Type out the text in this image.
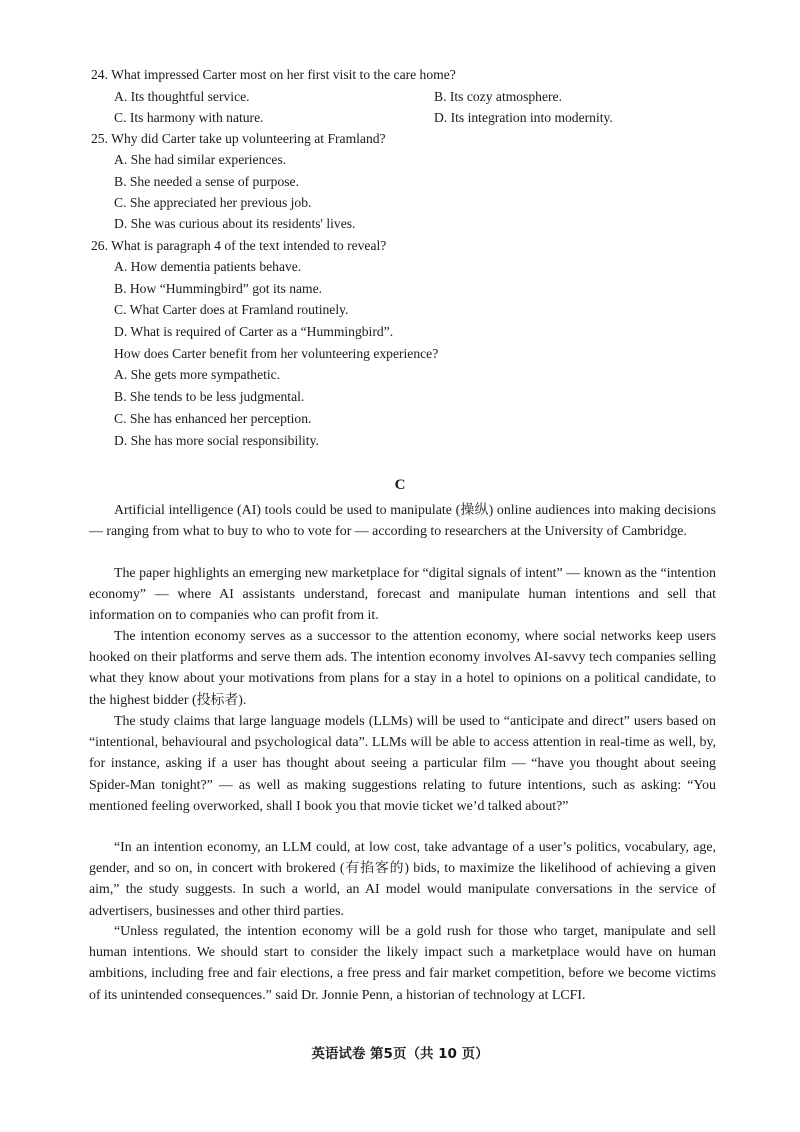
24. What impressed Carter most on her first visit to the care home?
A. Its thoughtful service.	B. Its cozy atmosphere.
C. Its harmony with nature.	D. Its integration into modernity.
25. Why did Carter take up volunteering at Framland?
A. She had similar experiences.
B. She needed a sense of purpose.
C. She appreciated her previous job.
D. She was curious about its residents' lives.
26. What is paragraph 4 of the text intended to reveal?
A. How dementia patients behave.
B. How “Hummingbird” got its name.
C. What Carter does at Framland routinely.
D. What is required of Carter as a “Hummingbird”.
How does Carter benefit from her volunteering experience?
A. She gets more sympathetic.
B. She tends to be less judgmental.
C. She has enhanced her perception.
D. She has more social responsibility.
C
Artificial intelligence (AI) tools could be used to manipulate (操纵) online audiences into making decisions — ranging from what to buy to who to vote for — according to researchers at the University of Cambridge.
The paper highlights an emerging new marketplace for “digital signals of intent” — known as the “intention economy” — where AI assistants understand, forecast and manipulate human intentions and sell that information on to companies who can profit from it.
The intention economy serves as a successor to the attention economy, where social networks keep users hooked on their platforms and serve them ads. The intention economy involves AI-savvy tech companies selling what they know about your motivations from plans for a stay in a hotel to opinions on a political candidate, to the highest bidder (投标者).
The study claims that large language models (LLMs) will be used to “anticipate and direct” users based on “intentional, behavioural and psychological data”. LLMs will be able to access attention in real-time as well, by, for instance, asking if a user has thought about seeing a particular film — “have you thought about seeing Spider-Man tonight?” — as well as making suggestions relating to future intentions, such as asking: “You mentioned feeling overworked, shall I book you that movie ticket we’d talked about?”
“In an intention economy, an LLM could, at low cost, take advantage of a user’s politics, vocabulary, age, gender, and so on, in concert with brokered (有掐客的) bids, to maximize the likelihood of achieving a given aim,” the study suggests. In such a world, an AI model would manipulate conversations in the service of advertisers, businesses and other third parties.
“Unless regulated, the intention economy will be a gold rush for those who target, manipulate and sell human intentions. We should start to consider the likely impact such a marketplace would have on human ambitions, including free and fair elections, a free press and fair market competition, before we become victims of its unintended consequences.” said Dr. Jonnie Penn, a historian of technology at LCFI.
英语试卷 第5页（共 10 页）
